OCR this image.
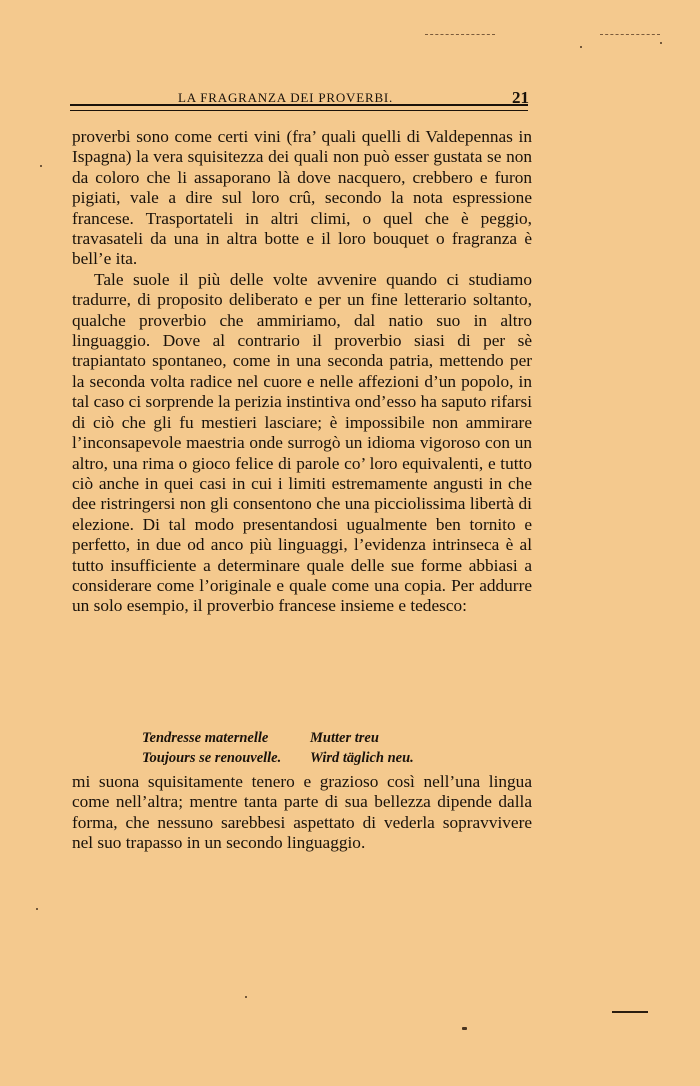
LA FRAGRANZA DEI PROVERBI.	21

proverbi sono come certi vini (fra’ quali quelli di Valdepennas in Ispagna) la vera squisitezza dei quali non può esser gustata se non da coloro che li assaporano là dove nacquero, crebbero e furon pigiati, vale a dire sul loro crû, secondo la nota espressione francese. Trasportateli in altri climi, o quel che è peggio, travasateli da una in altra botte e il loro bouquet o fragranza è bell’e ita.

Tale suole il più delle volte avvenire quando ci studiamo tradurre, di proposito deliberato e per un fine letterario soltanto, qualche proverbio che ammiriamo, dal natio suo in altro linguaggio. Dove al contrario il proverbio siasi di per sè trapiantato spontaneo, come in una seconda patria, mettendo per la seconda volta radice nel cuore e nelle affezioni d’un popolo, in tal caso ci sorprende la perizia instintiva ond’esso ha saputo rifarsi di ciò che gli fu mestieri lasciare; è impossibile non ammirare l’inconsapevole maestria onde surrogò un idioma vigoroso con un altro, una rima o gioco felice di parole co’ loro equivalenti, e tutto ciò anche in quei casi in cui i limiti estremamente angusti in che dee ristringersi non gli consentono che una picciolissima libertà di elezione. Di tal modo presentandosi ugualmente ben tornito e perfetto, in due od anco più linguaggi, l’evidenza intrinseca è al tutto insufficiente a determinare quale delle sue forme abbiasi a considerare come l’originale e quale come una copia. Per addurre un solo esempio, il proverbio francese insieme e tedesco:

Tendresse maternelle	Mutter treu
Toujours se renouvelle.	Wird täglich neu.

mi suona squisitamente tenero e grazioso così nell’una lingua come nell’altra; mentre tanta parte di sua bellezza dipende dalla forma, che nessuno sarebbesi aspettato di vederla sopravvivere nel suo trapasso in un secondo linguaggio.
